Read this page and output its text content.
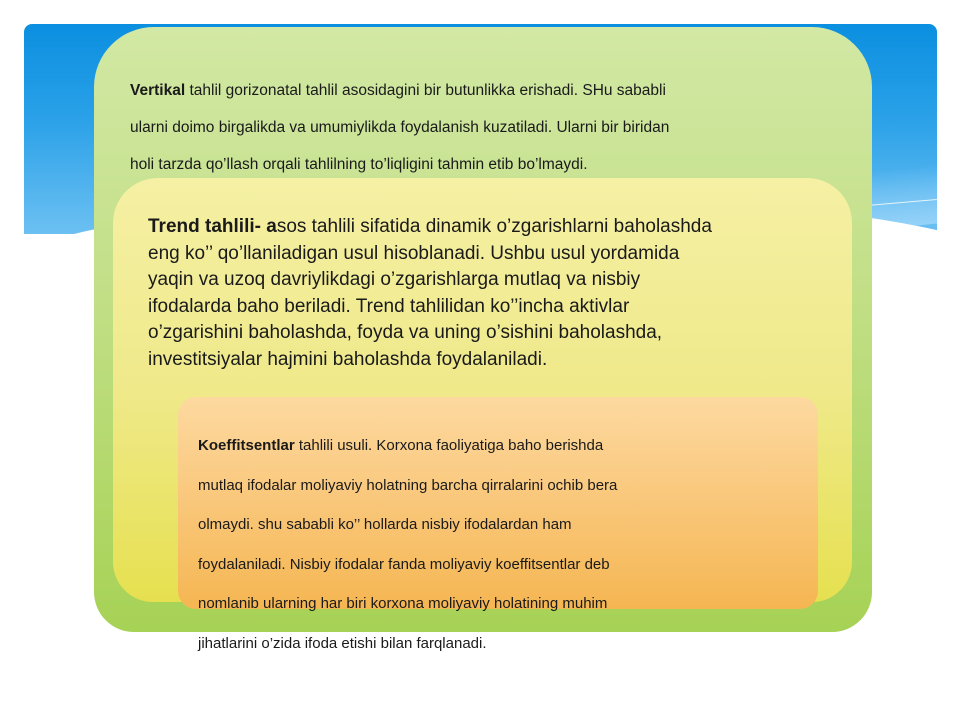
Vertikal tahlil gorizonatal tahlil asosidagini bir butunlikka erishadi. SHu sababli
ularni doimo birgalikda va umumiylikda foydalanish kuzatiladi. Ularni bir biridan
holi tarzda qo’llash orqali tahlilning to’liqligini tahmin etib bo’lmaydi.
Trend tahlili- asos tahlili sifatida dinamik o’zgarishlarni baholashda
eng ko’’ qo’llaniladigan usul hisoblanadi. Ushbu usul yordamida
yaqin va uzoq davriylikdagi o’zgarishlarga mutlaq va nisbiy
ifodalarda baho beriladi. Trend tahlilidan ko’’incha aktivlar
o’zgarishini baholashda, foyda va uning o’sishini baholashda,
investitsiyalar hajmini baholashda foydalaniladi.
Koeffitsentlar tahlili usuli. Korxona faoliyatiga baho berishda
mutlaq ifodalar moliyaviy holatning barcha qirralarini ochib bera
olmaydi. shu sababli ko’’ hollarda nisbiy ifodalardan ham
foydalaniladi. Nisbiy ifodalar fanda moliyaviy koeffitsentlar deb
nomlanib ularning har biri korxona moliyaviy holatining muhim
jihatlarini o’zida ifoda etishi bilan farqlanadi.
